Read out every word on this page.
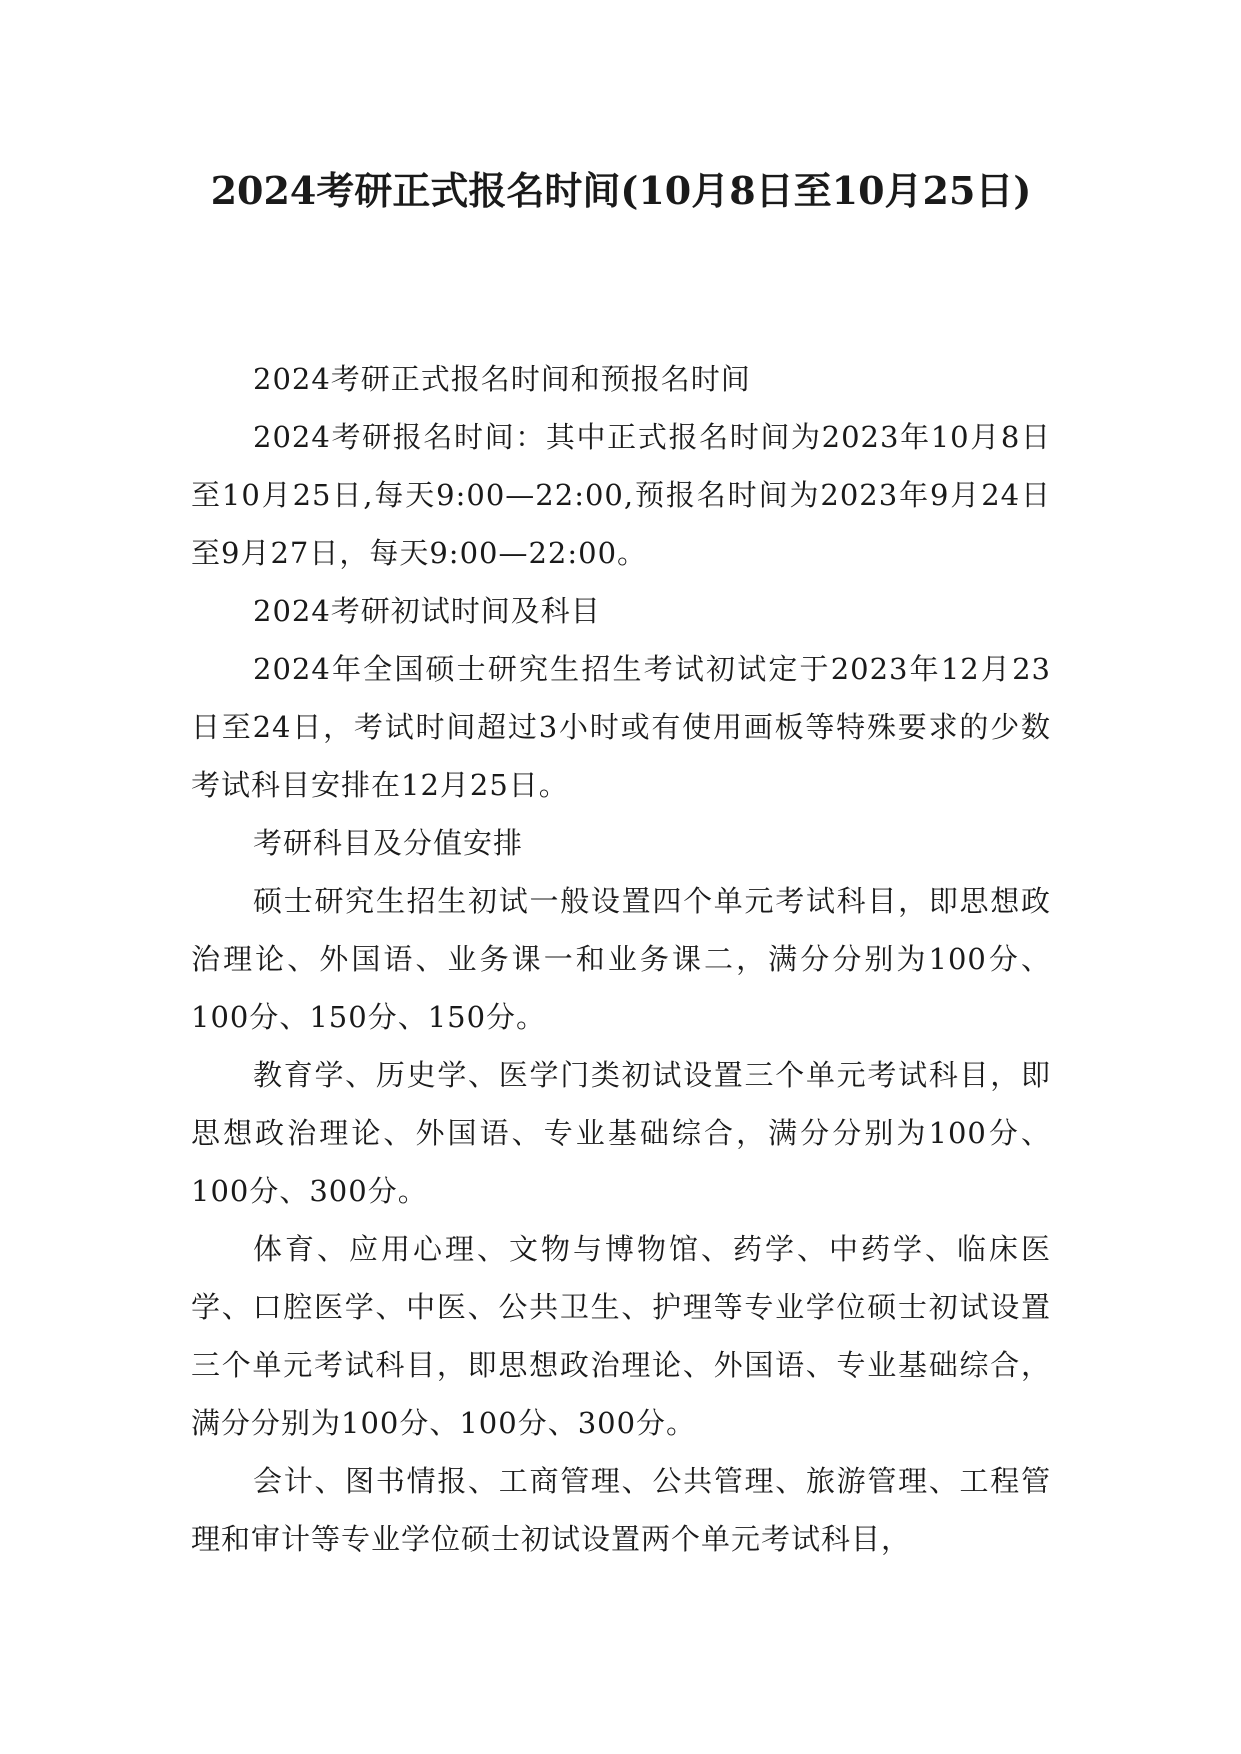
2024考研正式报名时间(10月8日至10月25日)

2024考研正式报名时间和预报名时间

2024考研报名时间：其中正式报名时间为2023年10月8日至10月25日,每天9:00—22:00,预报名时间为2023年9月24日至9月27日，每天9:00—22:00。

2024考研初试时间及科目

2024年全国硕士研究生招生考试初试定于2023年12月23日至24日，考试时间超过3小时或有使用画板等特殊要求的少数考试科目安排在12月25日。

考研科目及分值安排

硕士研究生招生初试一般设置四个单元考试科目，即思想政治理论、外国语、业务课一和业务课二，满分分别为100分、100分、150分、150分。

教育学、历史学、医学门类初试设置三个单元考试科目，即思想政治理论、外国语、专业基础综合，满分分别为100分、100分、300分。

体育、应用心理、文物与博物馆、药学、中药学、临床医学、口腔医学、中医、公共卫生、护理等专业学位硕士初试设置三个单元考试科目，即思想政治理论、外国语、专业基础综合，满分分别为100分、100分、300分。

会计、图书情报、工商管理、公共管理、旅游管理、工程管理和审计等专业学位硕士初试设置两个单元考试科目，
